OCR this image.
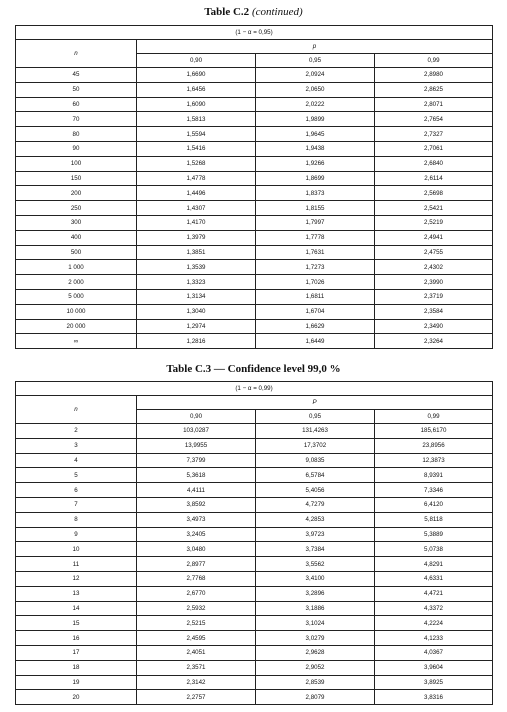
Table C.2 (continued)
(1 − α = 0,95)			
n	p		
	0,90	0,95	0,99
45	1,6690	2,0924	2,8980
50	1,6456	2,0650	2,8625
60	1,6090	2,0222	2,8071
70	1,5813	1,9899	2,7654
80	1,5594	1,9645	2,7327
90	1,5416	1,9438	2,7061
100	1,5268	1,9266	2,6840
150	1,4778	1,8699	2,6114
200	1,4496	1,8373	2,5698
250	1,4307	1,8155	2,5421
300	1,4170	1,7997	2,5219
400	1,3979	1,7778	2,4941
500	1,3851	1,7631	2,4755
1 000	1,3539	1,7273	2,4302
2 000	1,3323	1,7026	2,3990
5 000	1,3134	1,6811	2,3719
10 000	1,3040	1,6704	2,3584
20 000	1,2974	1,6629	2,3490
∞	1,2816	1,6449	2,3264
Table C.3 — Confidence level 99,0 %
(1 − α = 0,99)			
n	P		
	0,90	0,95	0,99
2	103,0287	131,4263	185,6170
3	13,9955	17,3702	23,8956
4	7,3799	9,0835	12,3873
5	5,3618	6,5784	8,9391
6	4,4111	5,4056	7,3346
7	3,8592	4,7279	6,4120
8	3,4973	4,2853	5,8118
9	3,2405	3,9723	5,3889
10	3,0480	3,7384	5,0738
11	2,8977	3,5562	4,8291
12	2,7768	3,4100	4,6331
13	2,6770	3,2896	4,4721
14	2,5932	3,1886	4,3372
15	2,5215	3,1024	4,2224
16	2,4595	3,0279	4,1233
17	2,4051	2,9628	4,0367
18	2,3571	2,9052	3,9604
19	2,3142	2,8539	3,8925
20	2,2757	2,8079	3,8316
